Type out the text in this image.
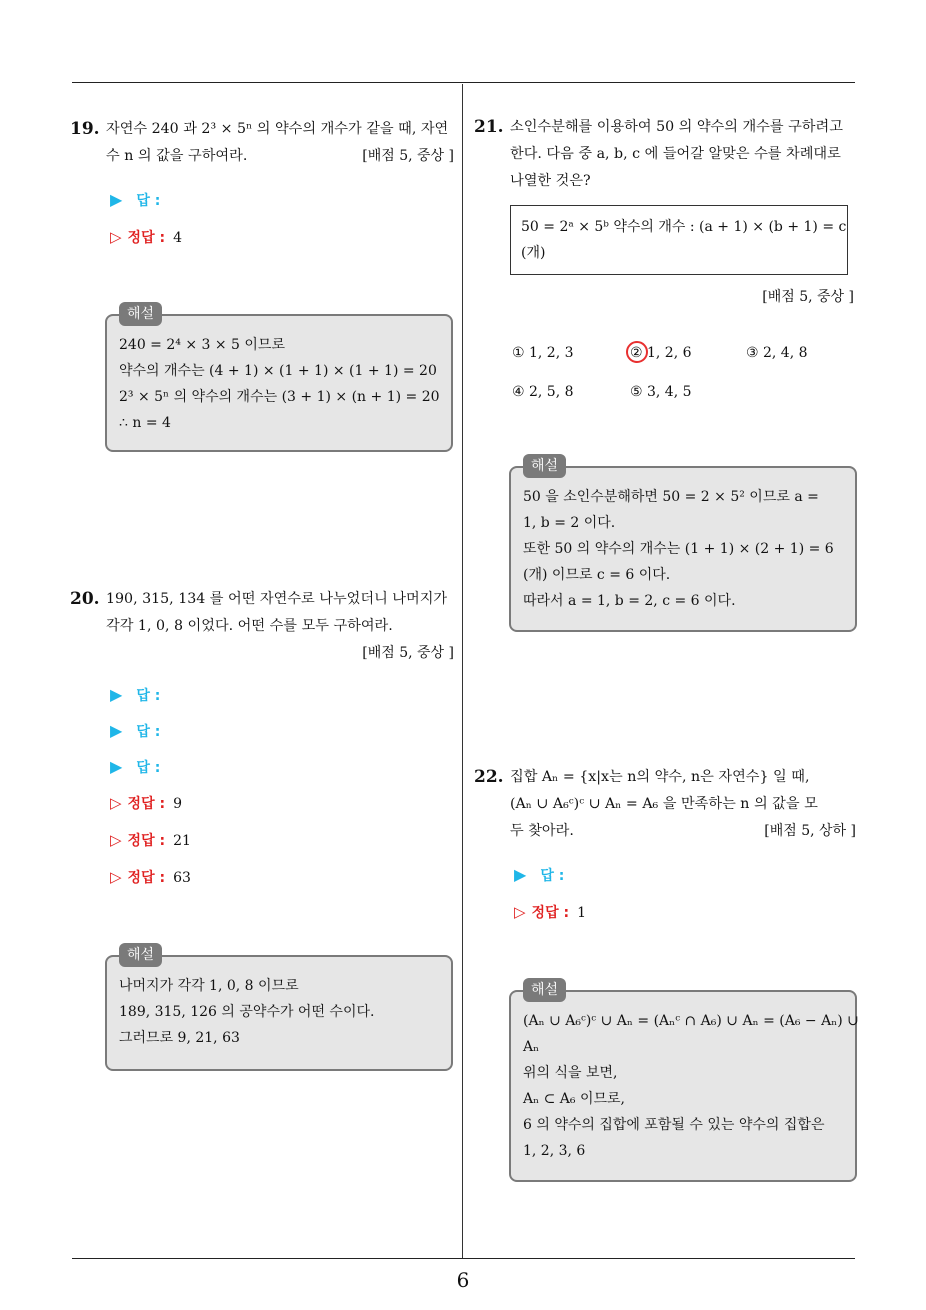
6
19. 자연수 240 과 2³ × 5ⁿ 의 약수의 개수가 같을 때, 자연수 n 의 값을 구하여라.	[배점 5, 중상 ]
▶ 답 :
▷ 정답 : 4
해설
240 = 2⁴ × 3 × 5 이므로
약수의 개수는 (4 + 1) × (1 + 1) × (1 + 1) = 20
2³ × 5ⁿ 의 약수의 개수는 (3 + 1) × (n + 1) = 20
∴ n = 4
20. 190, 315, 134 를 어떤 자연수로 나누었더니 나머지가 각각 1, 0, 8 이었다. 어떤 수를 모두 구하여라.
[배점 5, 중상 ]
▶ 답 :
▶ 답 :
▶ 답 :
▷ 정답 : 9
▷ 정답 : 21
▷ 정답 : 63
해설
나머지가 각각 1, 0, 8 이므로
189, 315, 126 의 공약수가 어떤 수이다.
그러므로 9, 21, 63
21. 소인수분해를 이용하여 50 의 약수의 개수를 구하려고 한다. 다음 중 a, b, c 에 들어갈 알맞은 수를 차례대로 나열한 것은?
50 = 2ᵃ × 5ᵇ 약수의 개수 : (a + 1) × (b + 1) = c
(개)
[배점 5, 중상 ]
① 1, 2, 3	② 1, 2, 6	③ 2, 4, 8
④ 2, 5, 8	⑤ 3, 4, 5
해설
50 을 소인수분해하면 50 = 2 × 5² 이므로 a =
1, b = 2 이다.
또한 50 의 약수의 개수는 (1 + 1) × (2 + 1) = 6
(개) 이므로 c = 6 이다.
따라서 a = 1, b = 2, c = 6 이다.
22. 집합 Aₙ = {x|x는 n의 약수, n은 자연수} 일 때,
(Aₙ ∪ A₆ᶜ)ᶜ ∪ Aₙ = A₆ 을 만족하는 n 의 값을 모
두 찾아라.	[배점 5, 상하 ]
▶ 답 :
▷ 정답 : 1
해설
(Aₙ ∪ A₆ᶜ)ᶜ ∪ Aₙ = (Aₙᶜ ∩ A₆) ∪ Aₙ = (A₆ − Aₙ) ∪
Aₙ
위의 식을 보면,
Aₙ ⊂ A₆ 이므로,
6 의 약수의 집합에 포함될 수 있는 약수의 집합은
1, 2, 3, 6
